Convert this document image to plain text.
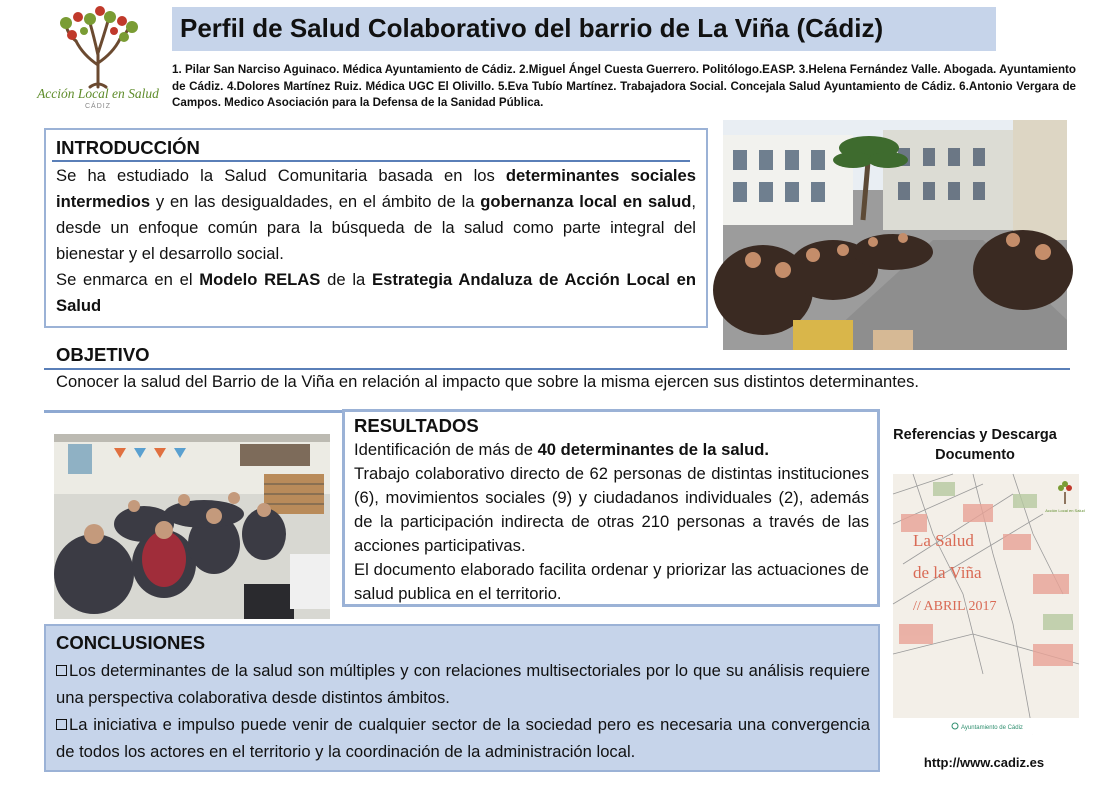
Acción Local en Salud
CÁDIZ
Perfil de Salud Colaborativo del barrio de La Viña (Cádiz)
1. Pilar San Narciso Aguinaco. Médica Ayuntamiento de Cádiz. 2.Miguel Ángel Cuesta Guerrero. Politólogo.EASP. 3.Helena Fernández Valle. Abogada. Ayuntamiento de Cádiz. 4.Dolores Martínez Ruiz. Médica UGC El Olivillo. 5.Eva Tubío Martínez. Trabajadora Social. Concejala Salud Ayuntamiento de Cádiz. 6.Antonio Vergara de Campos. Medico Asociación para la Defensa de la Sanidad Pública.
INTRODUCCIÓN
Se ha estudiado la Salud Comunitaria basada en los determinantes sociales intermedios y en las desigualdades, en el ámbito de la gobernanza local en salud, desde un enfoque común para la búsqueda de la salud como parte integral del bienestar y el desarrollo social.
Se enmarca en el Modelo RELAS de la Estrategia Andaluza de Acción Local en Salud
OBJETIVO
Conocer la salud del Barrio de la Viña en relación al impacto que sobre la misma ejercen sus distintos determinantes.
RESULTADOS
Identificación de más de 40 determinantes de la salud.
Trabajo colaborativo directo de 62 personas de distintas instituciones (6), movimientos sociales (9) y ciudadanos individuales (2), además de la participación indirecta de otras 210 personas a través de las acciones participativas.
El documento elaborado facilita ordenar y priorizar las actuaciones de salud publica en el territorio.
CONCLUSIONES
Los determinantes de la salud son múltiples y con relaciones multisectoriales por lo que su análisis requiere una perspectiva colaborativa desde distintos ámbitos.
La iniciativa e impulso puede venir de cualquier sector de la sociedad pero es necesaria una convergencia de todos los actores en el territorio y la coordinación de la administración local.
Referencias y Descarga Documento
La Salud
de la Viña
// ABRIL 2017
Acción Local en Salud
Ayuntamiento de Cádiz
http://www.cadiz.es
